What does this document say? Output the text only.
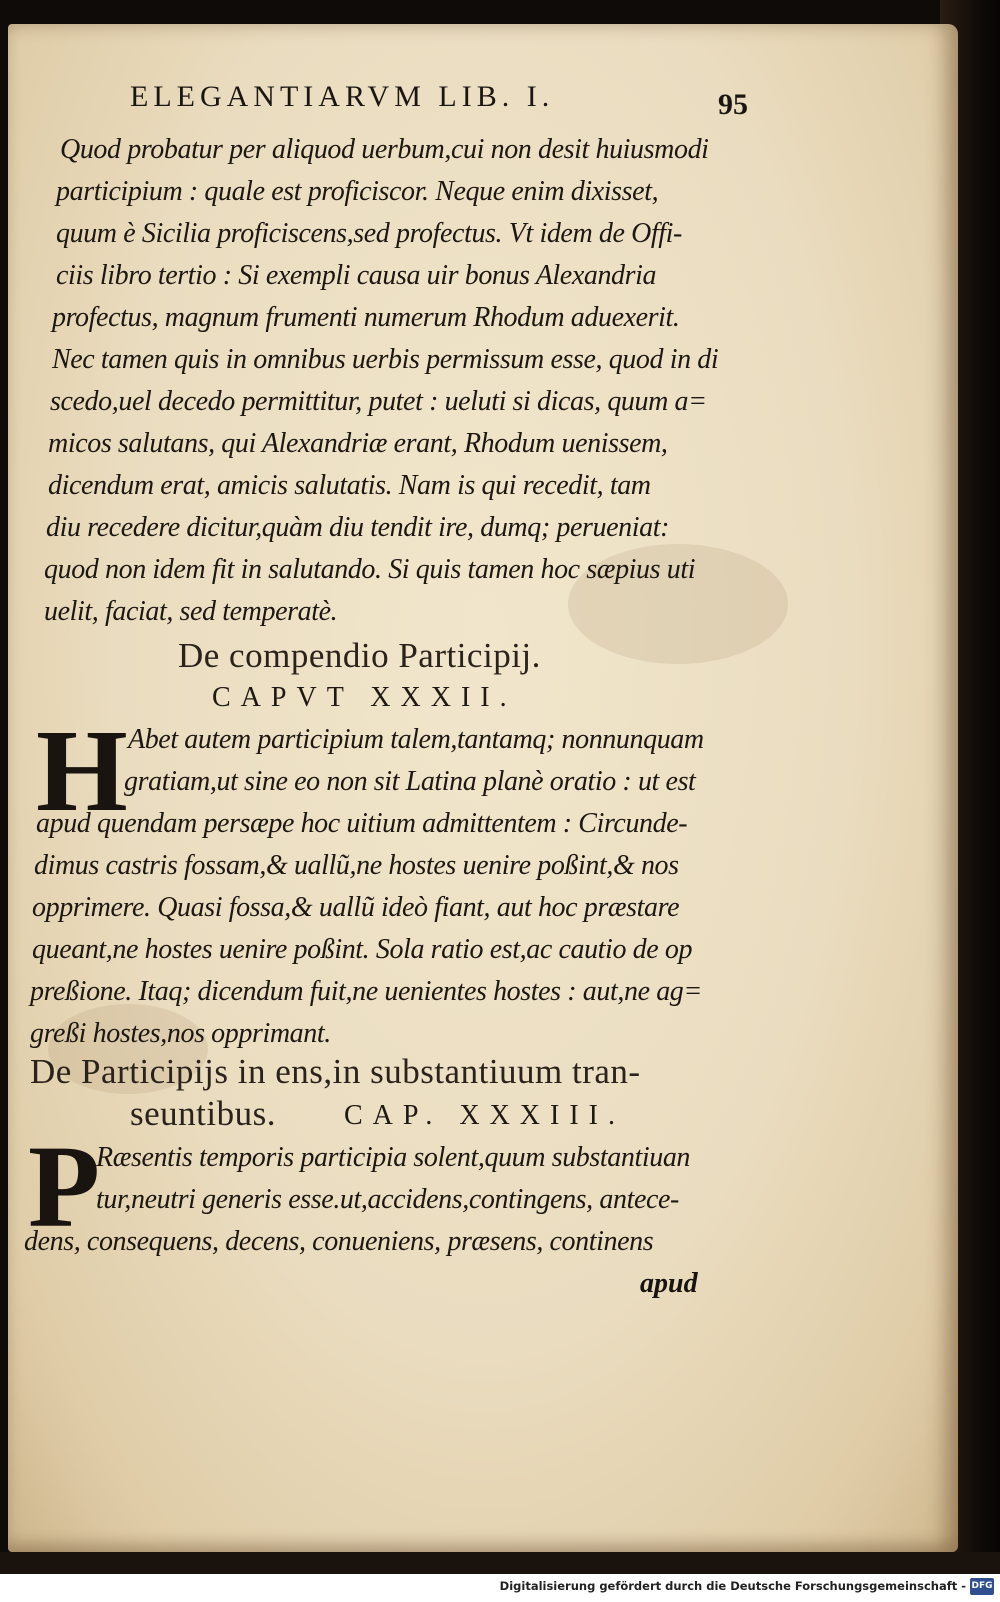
ELEGANTIARVM LIB. I.	95
Quod probatur per aliquod uerbum,cui non desit huiusmodi
participium : quale est proficiscor. Neque enim dixisset,
quum è Sicilia proficiscens,sed profectus. Vt idem de Offi-
ciis libro tertio : Si exempli causa uir bonus Alexandria
profectus, magnum frumenti numerum Rhodum aduexerit.
Nec tamen quis in omnibus uerbis permissum esse, quod in di
scedo,uel decedo permittitur, putet : ueluti si dicas, quum a=
micos salutans, qui Alexandriæ erant, Rhodum uenissem,
dicendum erat, amicis salutatis. Nam is qui recedit, tam
diu recedere dicitur,quàm diu tendit ire, dumq; perueniat:
quod non idem fit in salutando. Si quis tamen hoc sæpius uti
uelit, faciat, sed temperatè.
De compendio Participij.
CAPVT XXXII.
H Abet autem participium talem,tantamq; nonnunquam
gratiam,ut sine eo non sit Latina planè oratio : ut est
apud quendam persæpe hoc uitium admittentem : Circunde-
dimus castris fossam,& uallũ,ne hostes uenire poßint,& nos
opprimere. Quasi fossa,& uallũ ideò fiant, aut hoc præstare
queant,ne hostes uenire poßint. Sola ratio est,ac cautio de op
preßione. Itaq; dicendum fuit,ne uenientes hostes : aut,ne ag=
greßi hostes,nos opprimant.
De Participijs in ens,in substantiuum tran-
seuntibus. CAP. XXXIII.
P
Ræsentis temporis participia solent,quum substantiuan
tur,neutri generis esse.ut,accidens,contingens, antece-
dens, consequens, decens, conueniens, præsens, continens
apud
Digitalisierung gefördert durch die Deutsche Forschungsgemeinschaft - DFG
